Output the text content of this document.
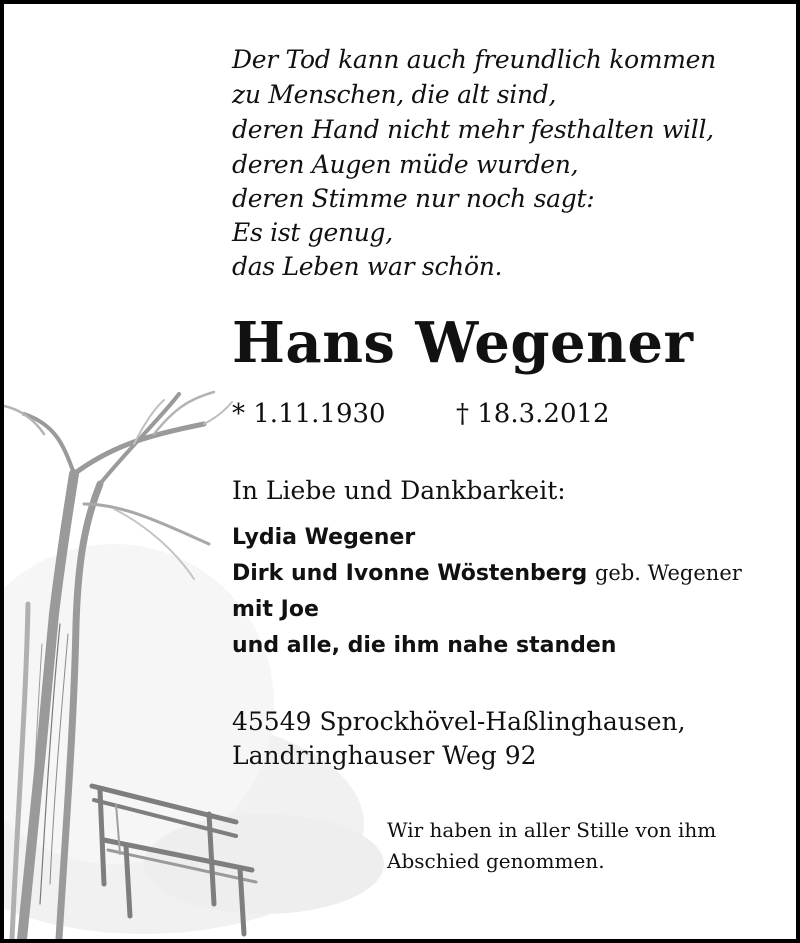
Der Tod kann auch freundlich kommen
zu Menschen, die alt sind,
deren Hand nicht mehr festhalten will,
deren Augen müde wurden,
deren Stimme nur noch sagt:
Es ist genug,
das Leben war schön.
Hans Wegener
* 1.11.1930	† 18.3.2012
In Liebe und Dankbarkeit:
Lydia Wegener
Dirk und Ivonne Wöstenberg geb. Wegener
mit Joe
und alle, die ihm nahe standen
45549 Sprockhövel-Haßlinghausen,
Landringhauser Weg 92
Wir haben in aller Stille von ihm
Abschied genommen.
